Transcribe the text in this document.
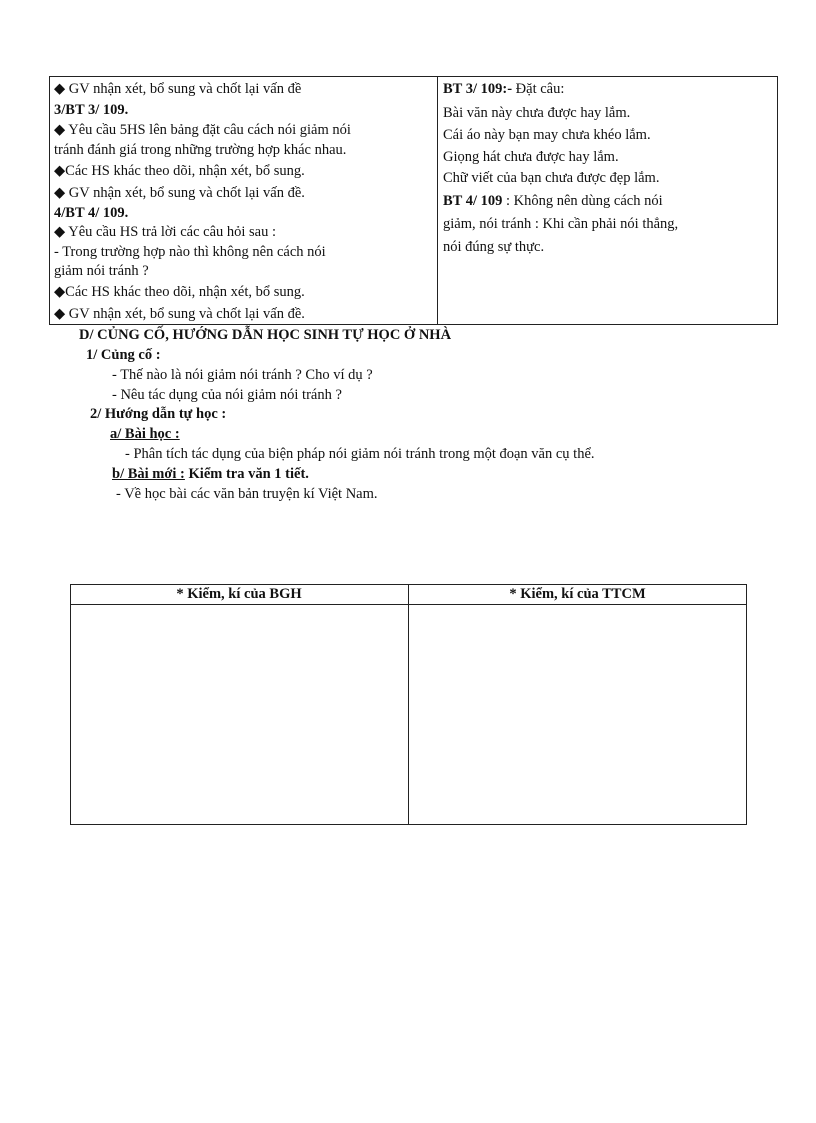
◆ GV nhận xét, bổ sung và chốt lại vấn đề
3/BT 3/ 109.
◆ Yêu cầu 5HS lên bảng đặt câu cách nói giảm nói
tránh đánh giá trong những trường hợp khác nhau.
◆Các HS khác theo dõi, nhận xét, bổ sung.
◆ GV nhận xét, bổ sung và chốt lại vấn đề.
4/BT 4/ 109.
◆ Yêu cầu HS trả lời các câu hỏi sau :
- Trong trường hợp nào thì không nên cách nói
giảm nói tránh ?
◆Các HS khác theo dõi, nhận xét, bổ sung.
◆ GV nhận xét, bổ sung và chốt lại vấn đề.
BT 3/ 109:- Đặt câu:
Bài văn này chưa được hay lắm.
Cái áo này bạn may chưa khéo lắm.
Giọng hát chưa được hay lắm.
Chữ viết của bạn chưa được đẹp lắm.
BT 4/ 109 : Không nên dùng cách nói
giảm, nói tránh : Khi cần phải nói thẳng,
nói đúng sự thực.
D/ CỦNG CỐ, HƯỚNG DẪN HỌC SINH TỰ HỌC Ở NHÀ
1/ Củng cố :
- Thế nào là nói giảm nói tránh ? Cho ví dụ ?
- Nêu tác dụng của nói giảm nói tránh ?
2/ Hướng dẫn tự học :
a/ Bài học :
- Phân tích tác dụng của biện pháp nói giảm nói tránh trong một đoạn văn cụ thể.
b/ Bài mới : Kiểm tra văn 1 tiết.
- Về học bài các văn bản truyện kí Việt Nam.
* Kiểm, kí của BGH	* Kiểm, kí của TTCM
